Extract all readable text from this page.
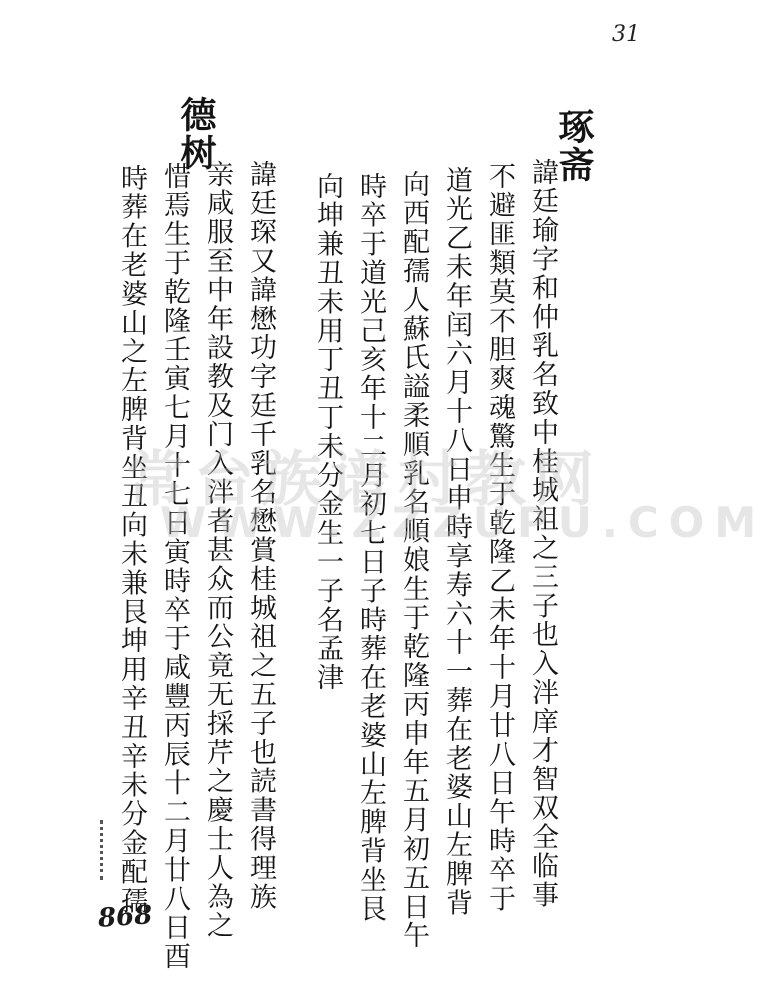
31
琢斋
德树
諱廷瑜字和仲乳名致中桂城祖之三子也入泮庠才智双全临事
不避匪類莫不胆爽魂驚生于乾隆乙未年十月廿八日午時卒于
道光乙未年闰六月十八日申時享寿六十一葬在老婆山左脾背
向西配孺人蘇氏謚柔順乳名順娘生于乾隆丙申年五月初五日午
時卒于道光己亥年十二月初七日子時葬在老婆山左脾背坐艮
向坤兼丑未用丁丑丁未分金生一子名孟津
諱廷琛又諱懋功字廷千乳名懋賞桂城祖之五子也読書得理族
亲咸服至中年設教及门入泮者甚众而公竟无採芹之慶士人為之
惜焉生于乾隆壬寅七月十七日寅時卒于咸豐丙辰十二月廿八日酉
時葬在老婆山之左脾背坐丑向未兼艮坤用辛丑辛未分金配孺
常台族谱村教网
WWW.ZZZUPU.COM
868
